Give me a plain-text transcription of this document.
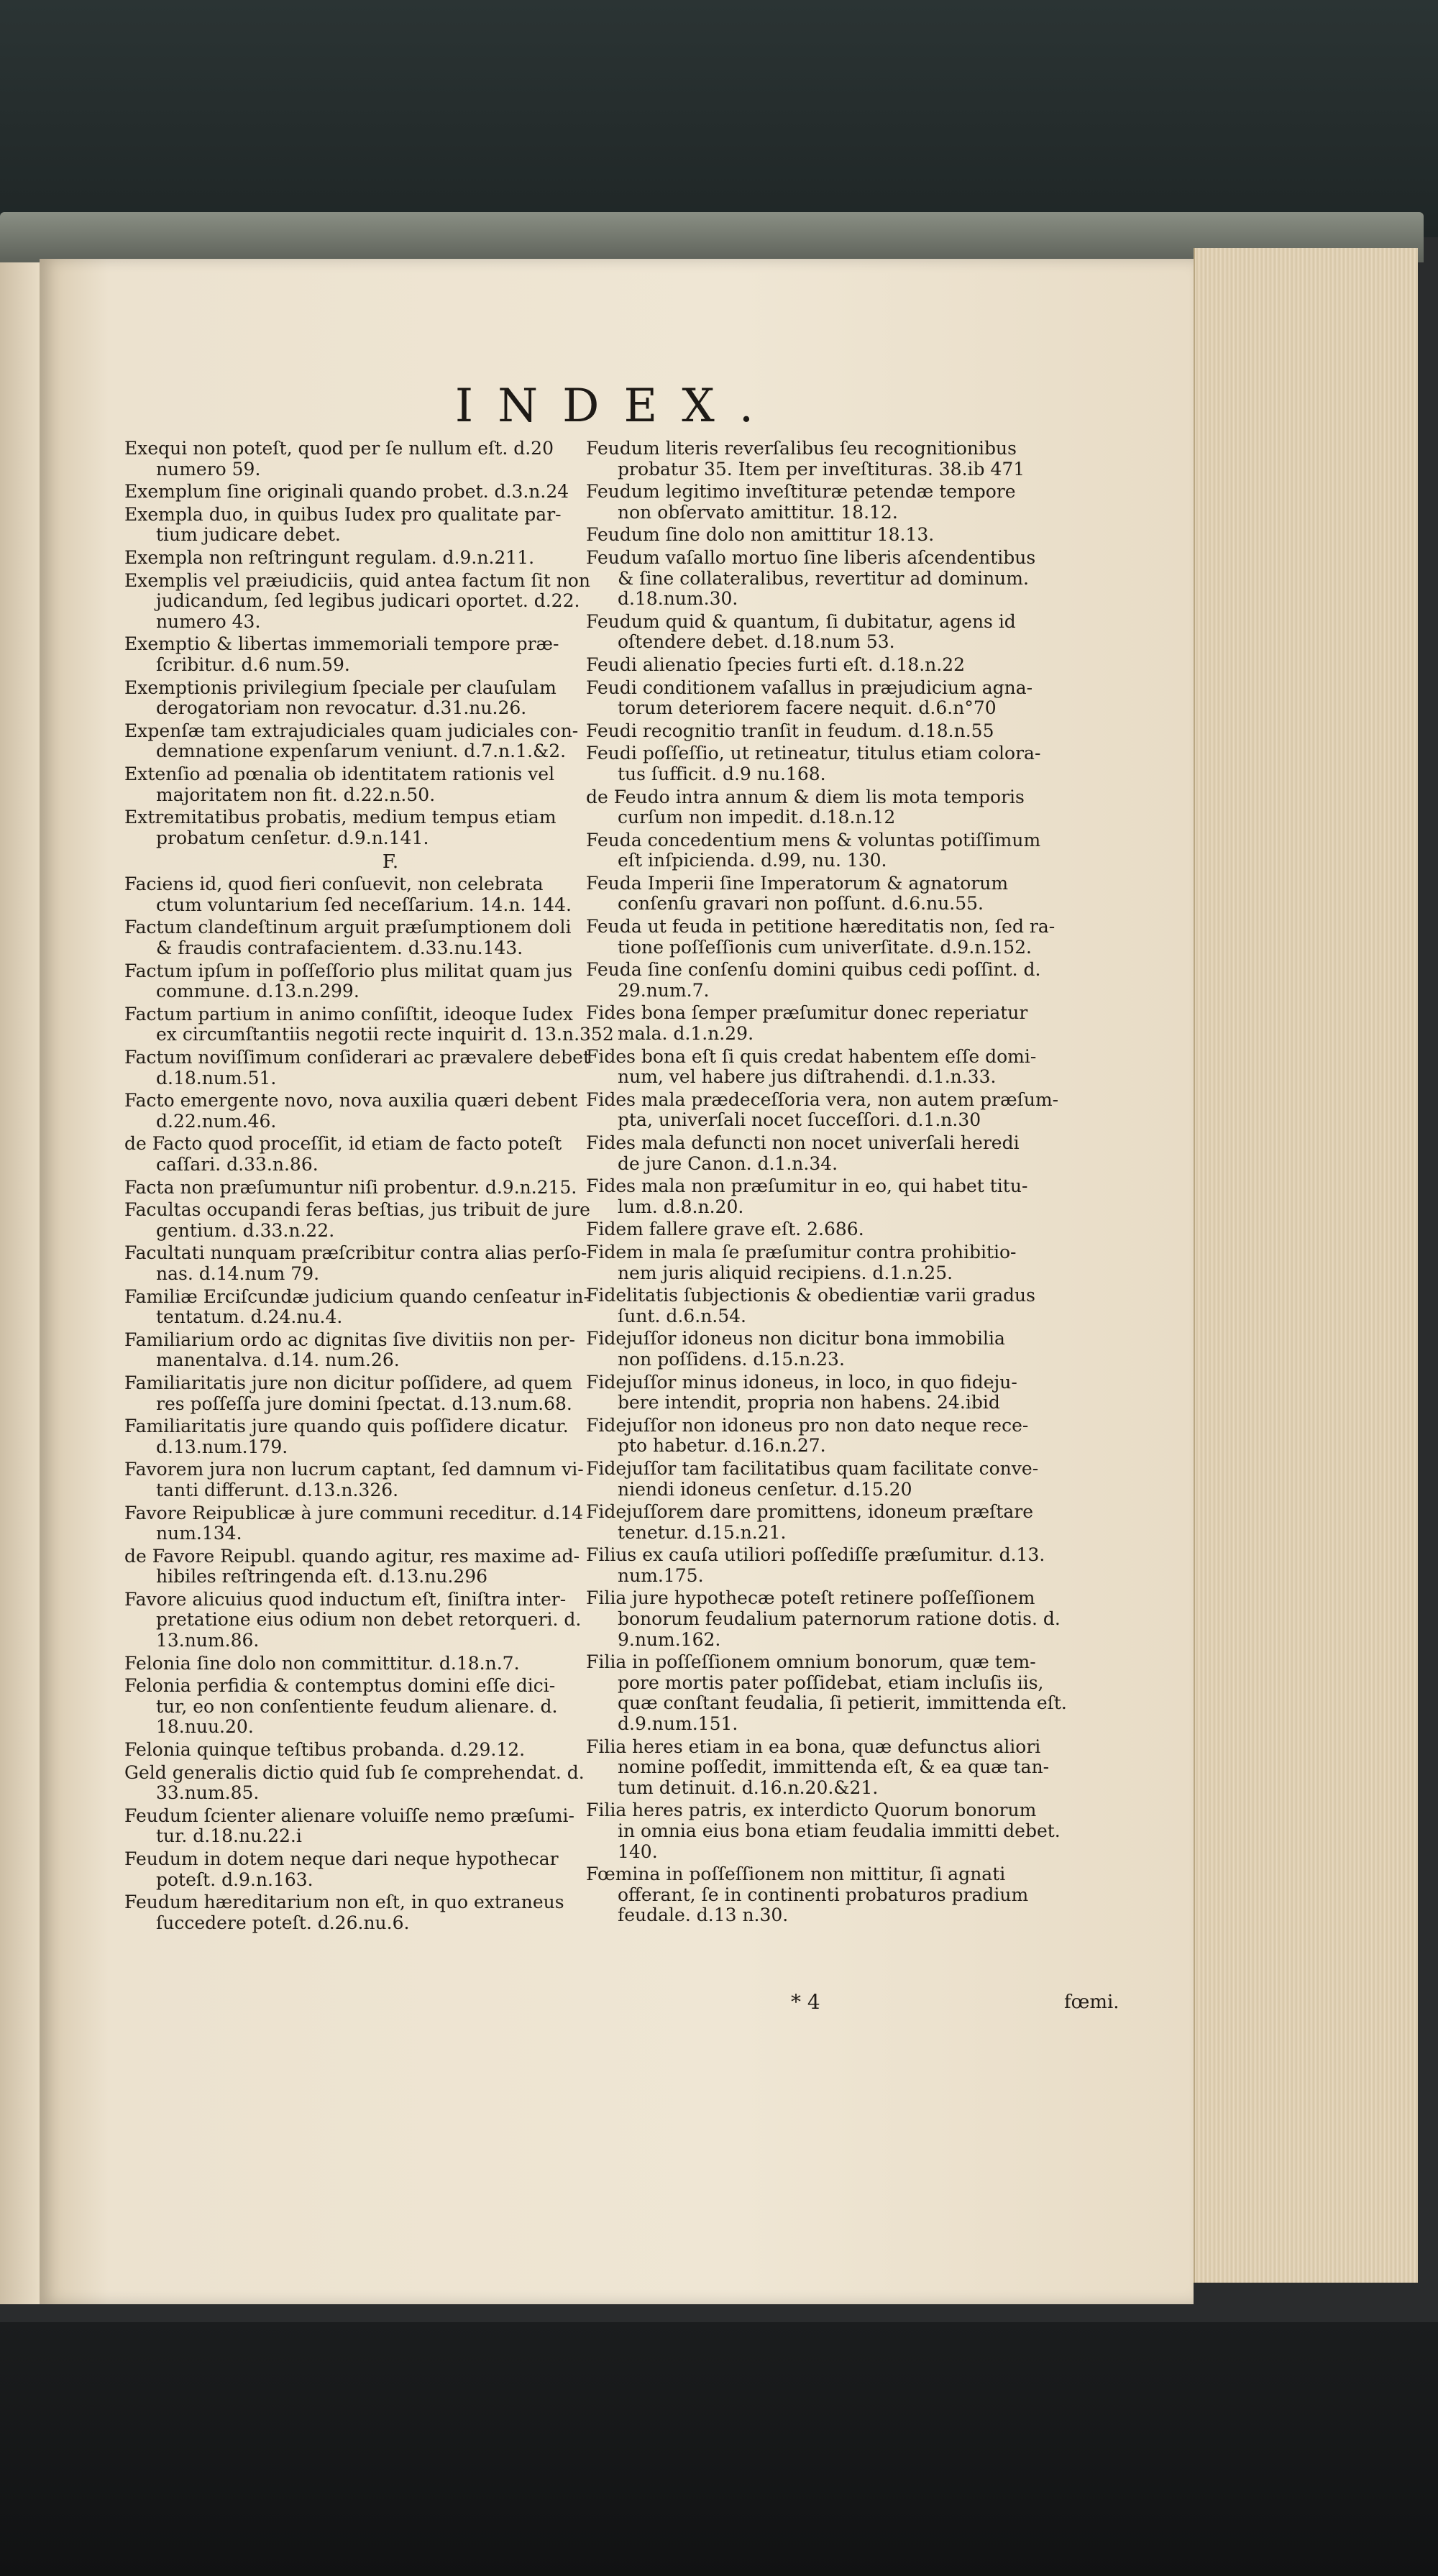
INDEX.
Exequi non poteſt, quod per ſe nullum eſt. d.20
numero 59.
Exemplum ſine originali quando probet. d.3.n.24
Exempla duo, in quibus Iudex pro qualitate par-
tium judicare debet.
Exempla non reſtringunt regulam. d.9.n.211.
Exemplis vel præiudiciis, quid antea factum ſit non
judicandum, ſed legibus judicari oportet. d.22.
numero 43.
Exemptio & libertas immemoriali tempore præ-
ſcribitur. d.6 num.59.
Exemptionis privilegium ſpeciale per clauſulam
derogatoriam non revocatur. d.31.nu.26.
Expenſæ tam extrajudiciales quam judiciales con-
demnatione expenſarum veniunt. d.7.n.1.&2.
Extenſio ad pœnalia ob identitatem rationis vel
majoritatem non fit. d.22.n.50.
Extremitatibus probatis, medium tempus etiam
probatum cenſetur. d.9.n.141.
F.
Faciens id, quod fieri conſuevit, non celebrata
ctum voluntarium ſed neceſſarium. 14.n. 144.
Factum clandeſtinum arguit præſumptionem doli
& fraudis contrafacientem. d.33.nu.143.
Factum ipſum in poſſeſſorio plus militat quam jus
commune. d.13.n.299.
Factum partium in animo conſiſtit, ideoque Iudex
ex circumſtantiis negotii recte inquirit d. 13.n.352
Factum noviſſimum conſiderari ac prævalere debet
d.18.num.51.
Facto emergente novo, nova auxilia quæri debent
d.22.num.46.
de Facto quod proceſſit, id etiam de facto poteſt
caſſari. d.33.n.86.
Facta non præſumuntur niſi probentur. d.9.n.215.
Facultas occupandi feras beſtias, jus tribuit de jure
gentium. d.33.n.22.
Facultati nunquam præſcribitur contra alias perſo-
nas. d.14.num 79.
Familiæ Erciſcundæ judicium quando cenſeatur in-
tentatum. d.24.nu.4.
Familiarium ordo ac dignitas ſive divitiis non per-
manentalva. d.14. num.26.
Familiaritatis jure non dicitur poſſidere, ad quem
res poſſeſſa jure domini ſpectat. d.13.num.68.
Familiaritatis jure quando quis poſſidere dicatur.
d.13.num.179.
Favorem jura non lucrum captant, ſed damnum vi-
tanti differunt. d.13.n.326.
Favore Reipublicæ à jure communi receditur. d.14
num.134.
de Favore Reipubl. quando agitur, res maxime ad-
hibiles reſtringenda eſt. d.13.nu.296
Favore alicuius quod inductum eſt, ſiniſtra inter-
pretatione eius odium non debet retorqueri. d.
13.num.86.
Felonia ſine dolo non committitur. d.18.n.7.
Felonia perfidia & contemptus domini eſſe dici-
tur, eo non conſentiente feudum alienare. d.
18.nuu.20.
Felonia quinque teſtibus probanda. d.29.12.
Geld generalis dictio quid ſub ſe comprehendat. d.
33.num.85.
Feudum ſcienter alienare voluiſſe nemo præſumi-
tur. d.18.nu.22.i
Feudum in dotem neque dari neque hypothecar
poteſt. d.9.n.163.
Feudum hæreditarium non eſt, in quo extraneus
ſuccedere poteſt. d.26.nu.6.
Feudum literis reverſalibus ſeu recognitionibus
probatur 35. Item per inveſtituras. 38.ib 471
Feudum legitimo inveſtituræ petendæ tempore
non obſervato amittitur. 18.12.
Feudum ſine dolo non amittitur 18.13.
Feudum vaſallo mortuo ſine liberis aſcendentibus
& ſine collateralibus, revertitur ad dominum.
d.18.num.30.
Feudum quid & quantum, ſi dubitatur, agens id
oſtendere debet. d.18.num 53.
Feudi alienatio ſpecies furti eſt. d.18.n.22
Feudi conditionem vaſallus in præjudicium agna-
torum deteriorem facere nequit. d.6.n°70
Feudi recognitio tranſit in feudum. d.18.n.55
Feudi poſſeſſio, ut retineatur, titulus etiam colora-
tus ſufficit. d.9 nu.168.
de Feudo intra annum & diem lis mota temporis
curſum non impedit. d.18.n.12
Feuda concedentium mens & voluntas potiſſimum
eſt inſpicienda. d.99, nu. 130.
Feuda Imperii ſine Imperatorum & agnatorum
conſenſu gravari non poſſunt. d.6.nu.55.
Feuda ut feuda in petitione hæreditatis non, ſed ra-
tione poſſeſſionis cum univerſitate. d.9.n.152.
Feuda ſine conſenſu domini quibus cedi poſſint. d.
29.num.7.
Fides bona ſemper præſumitur donec reperiatur
mala. d.1.n.29.
Fides bona eſt ſi quis credat habentem eſſe domi-
num, vel habere jus diſtrahendi. d.1.n.33.
Fides mala prædeceſſoria vera, non autem præſum-
pta, univerſali nocet ſucceſſori. d.1.n.30
Fides mala defuncti non nocet univerſali heredi
de jure Canon. d.1.n.34.
Fides mala non præſumitur in eo, qui habet titu-
lum. d.8.n.20.
Fidem fallere grave eſt. 2.686.
Fidem in mala ſe præſumitur contra prohibitio-
nem juris aliquid recipiens. d.1.n.25.
Fidelitatis ſubjectionis & obedientiæ varii gradus
ſunt. d.6.n.54.
Fidejuſſor idoneus non dicitur bona immobilia
non poſſidens. d.15.n.23.
Fidejuſſor minus idoneus, in loco, in quo fideju-
bere intendit, propria non habens. 24.ibid
Fidejuſſor non idoneus pro non dato neque rece-
pto habetur. d.16.n.27.
Fidejuſſor tam facilitatibus quam facilitate conve-
niendi idoneus cenſetur. d.15.20
Fidejuſſorem dare promittens, idoneum præſtare
tenetur. d.15.n.21.
Filius ex cauſa utiliori poſſediſſe præſumitur. d.13.
num.175.
Filia jure hypothecæ poteſt retinere poſſeſſionem
bonorum feudalium paternorum ratione dotis. d.
9.num.162.
Filia in poſſeſſionem omnium bonorum, quæ tem-
pore mortis pater poſſidebat, etiam incluſis iis,
quæ conſtant feudalia, ſi petierit, immittenda eſt.
d.9.num.151.
Filia heres etiam in ea bona, quæ defunctus aliori
nomine poſſedit, immittenda eſt, & ea quæ tan-
tum detinuit. d.16.n.20.&21.
Filia heres patris, ex interdicto Quorum bonorum
in omnia eius bona etiam feudalia immitti debet.
140.
Fœmina in poſſeſſionem non mittitur, ſi agnati
offerant, ſe in continenti probaturos pradium
feudale. d.13 n.30.
* 4	fœmi.
